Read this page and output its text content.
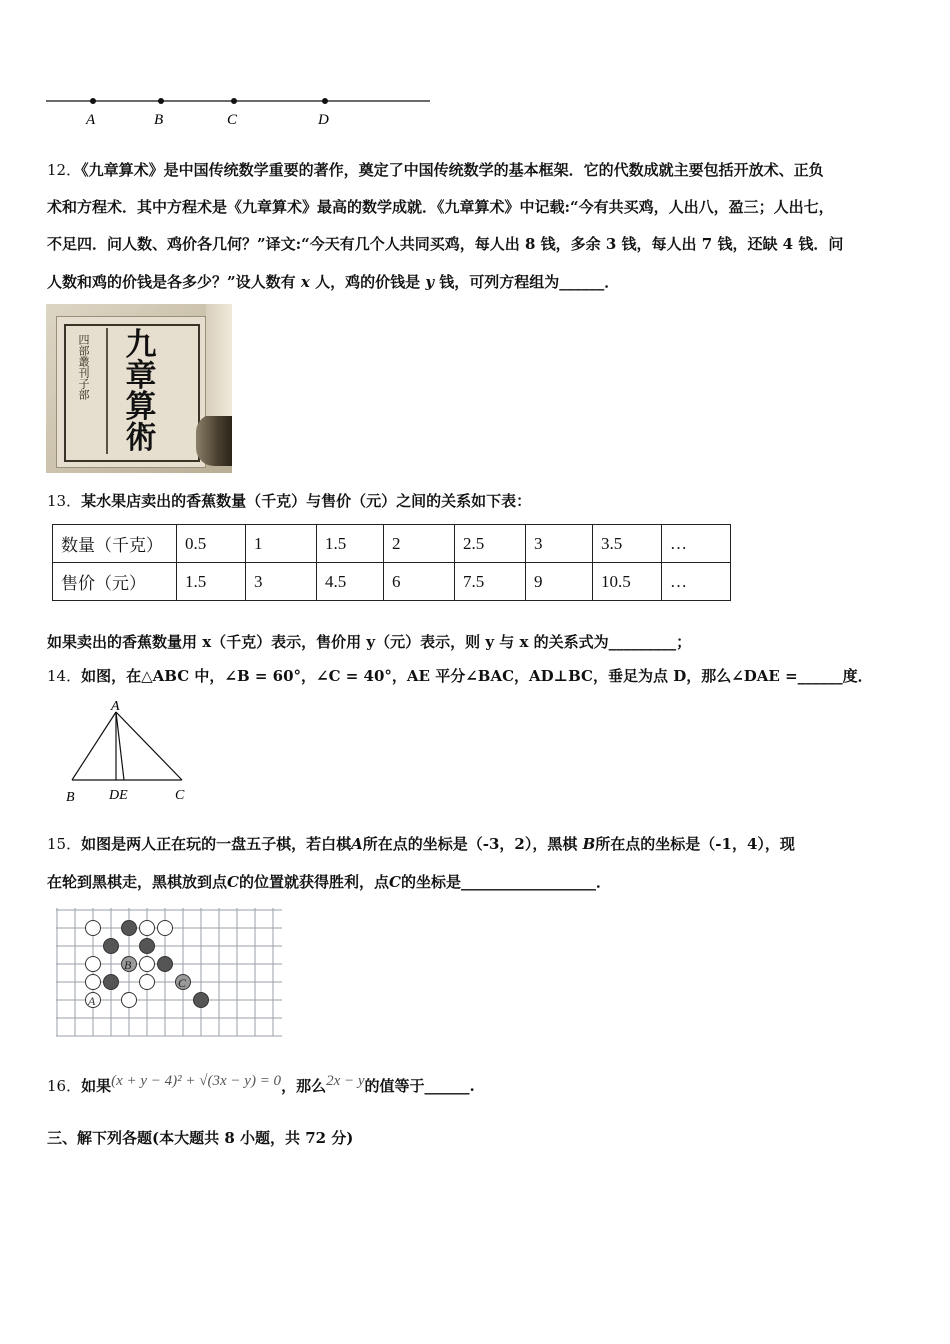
A	B	C	D
12．《九章算术》是中国传统数学重要的著作，奠定了中国传统数学的基本框架．它的代数成就主要包括开放术、正负
术和方程术．其中方程术是《九章算术》最高的数学成就．《九章算术》中记载:“今有共买鸡，人出八，盈三；人出七，
不足四．问人数、鸡价各几何？”译文:“今天有几个人共同买鸡，每人出 8 钱，多余 3 钱，每人出 7 钱，还缺 4 钱．问
人数和鸡的价钱是各多少？”设人数有 x 人，鸡的价钱是 y 钱，可列方程组为______．
四部叢刊子部	九
章
算
術
13．某水果店卖出的香蕉数量（千克）与售价（元）之间的关系如下表：
数量（千克）	0.5	1	1.5	2	2.5	3	3.5	…
售价（元）	1.5	3	4.5	6	7.5	9	10.5	…
如果卖出的香蕉数量用 x（千克）表示，售价用 y（元）表示，则 y 与 x 的关系式为_________；
14．如图，在△ABC 中，∠B = 60°，∠C = 40°，AE 平分∠BAC，AD⊥BC，垂足为点 D，那么∠DAE =______度．
A
B DE	C
15．如图是两人正在玩的一盘五子棋，若白棋A所在点的坐标是（-3，2），黑棋 B所在点的坐标是（-1，4），现
在轮到黑棋走，黑棋放到点C的位置就获得胜利，点C的坐标是__________________．
A
B
C
16．如果(x + y − 4)² + √(3x − y) = 0，那么2x − y的值等于______.
三、解下列各题(本大题共 8 小题，共 72 分)
